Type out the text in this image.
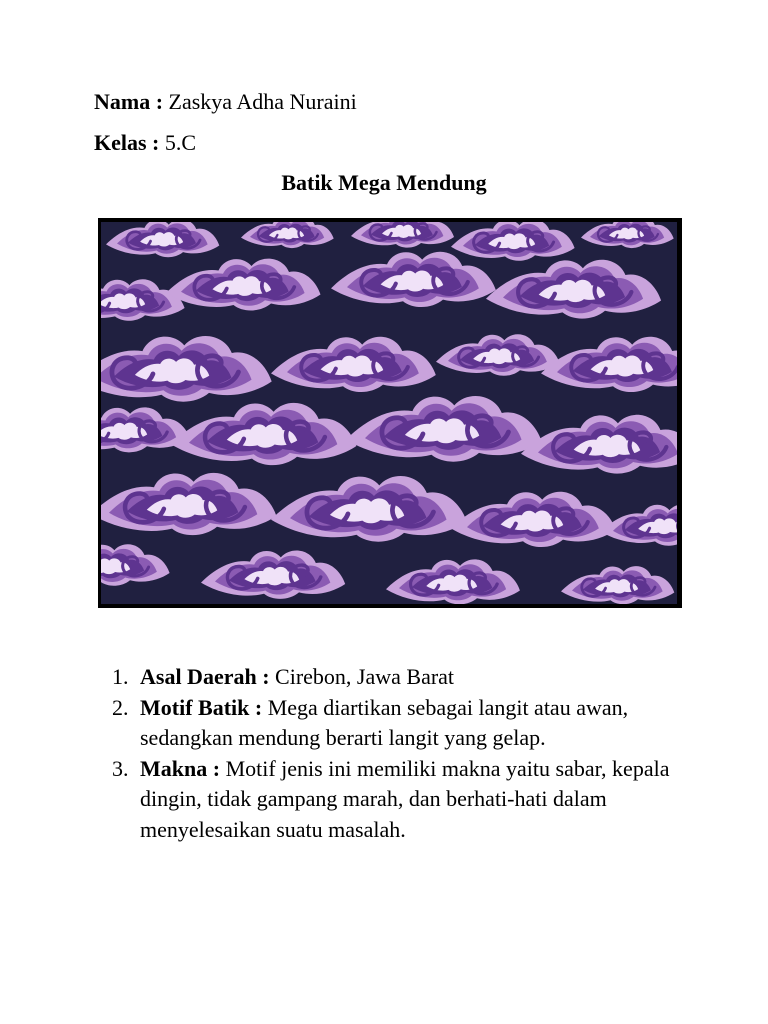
Nama : Zaskya Adha Nuraini
Kelas : 5.C
Batik Mega Mendung
1. Asal Daerah : Cirebon, Jawa Barat
2. Motif Batik : Mega diartikan sebagai langit atau awan, sedangkan mendung berarti langit yang gelap.
3. Makna : Motif jenis ini memiliki makna yaitu sabar, kepala dingin, tidak gampang marah, dan berhati-hati dalam menyelesaikan suatu masalah.
